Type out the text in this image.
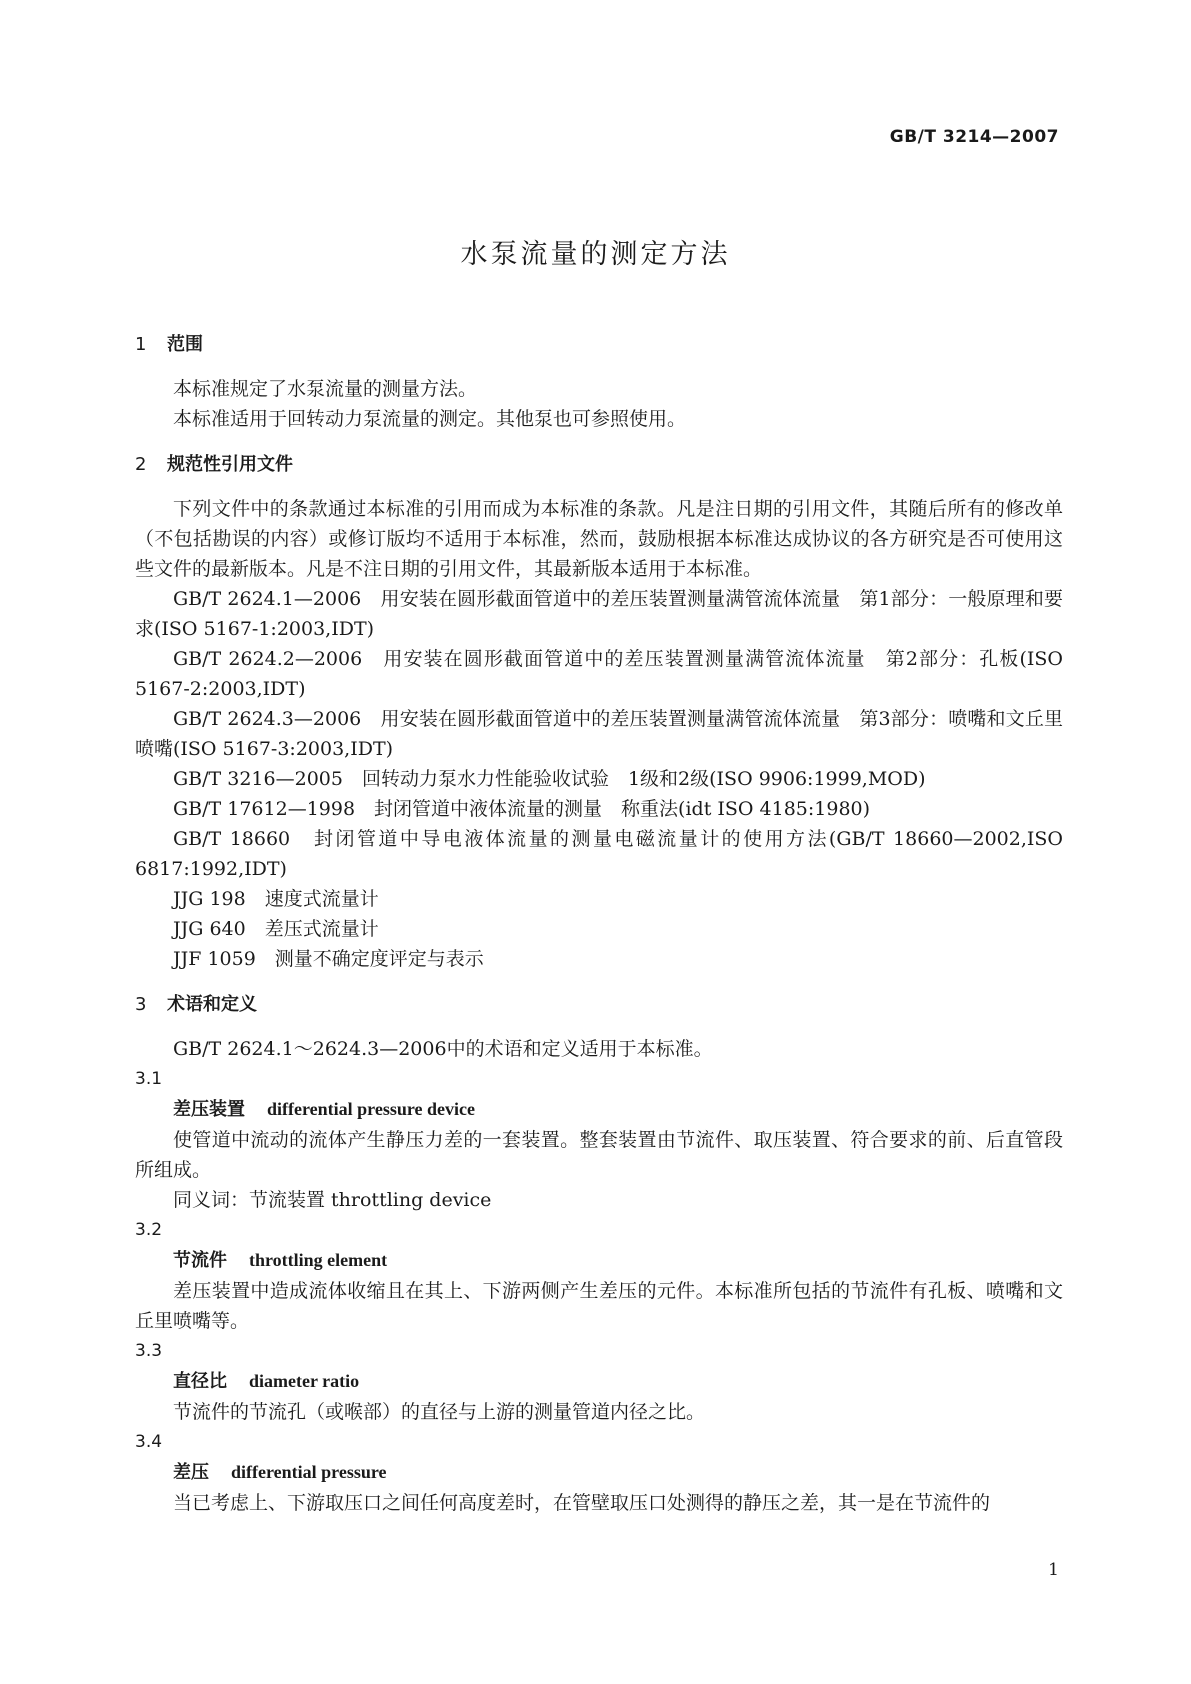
GB/T 3214—2007
水泵流量的测定方法
1 范围

本标准规定了水泵流量的测量方法。

本标准适用于回转动力泵流量的测定。其他泵也可参照使用。

2 规范性引用文件

下列文件中的条款通过本标准的引用而成为本标准的条款。凡是注日期的引用文件，其随后所有的修改单（不包括勘误的内容）或修订版均不适用于本标准，然而，鼓励根据本标准达成协议的各方研究是否可使用这些文件的最新版本。凡是不注日期的引用文件，其最新版本适用于本标准。

GB/T 2624.1—2006　用安装在圆形截面管道中的差压装置测量满管流体流量　第1部分：一般原理和要求(ISO 5167-1:2003,IDT)

GB/T 2624.2—2006　用安装在圆形截面管道中的差压装置测量满管流体流量　第2部分：孔板(ISO 5167-2:2003,IDT)

GB/T 2624.3—2006　用安装在圆形截面管道中的差压装置测量满管流体流量　第3部分：喷嘴和文丘里喷嘴(ISO 5167-3:2003,IDT)

GB/T 3216—2005　回转动力泵水力性能验收试验　1级和2级(ISO 9906:1999,MOD)

GB/T 17612—1998　封闭管道中液体流量的测量　称重法(idt ISO 4185:1980)

GB/T 18660　封闭管道中导电液体流量的测量电磁流量计的使用方法(GB/T 18660—2002,ISO 6817:1992,IDT)

JJG 198　速度式流量计

JJG 640　差压式流量计

JJF 1059　测量不确定度评定与表示

3 术语和定义

GB/T 2624.1～2624.3—2006中的术语和定义适用于本标准。

3.1

差压装置 differential pressure device

使管道中流动的流体产生静压力差的一套装置。整套装置由节流件、取压装置、符合要求的前、后直管段所组成。

同义词：节流装置 throttling device

3.2

节流件 throttling element

差压装置中造成流体收缩且在其上、下游两侧产生差压的元件。本标准所包括的节流件有孔板、喷嘴和文丘里喷嘴等。

3.3

直径比 diameter ratio

节流件的节流孔（或喉部）的直径与上游的测量管道内径之比。

3.4

差压 differential pressure

当已考虑上、下游取压口之间任何高度差时，在管壁取压口处测得的静压之差，其一是在节流件的

1
